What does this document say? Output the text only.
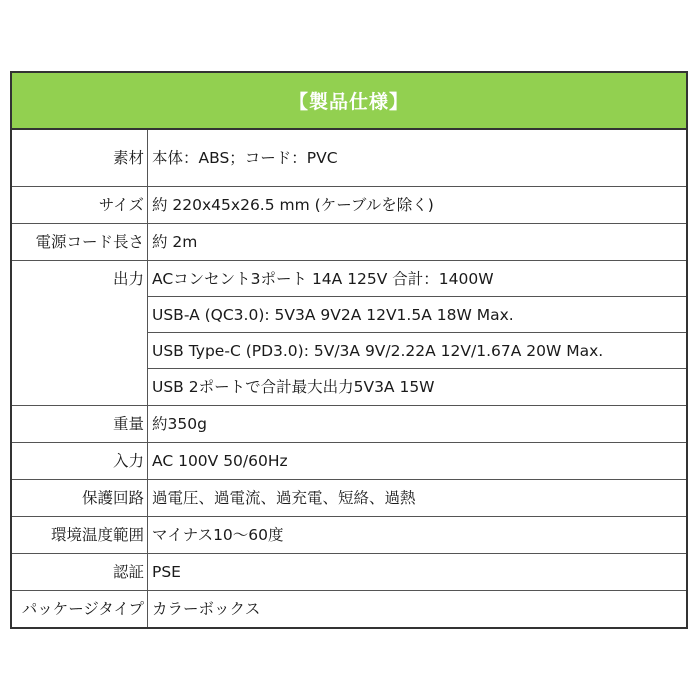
【製品仕様】
素材 本体：ABS；コード：PVC
サイズ 約 220x45x26.5 mm (ケーブルを除く)
電源コード長さ 約 2m
出力 ACコンセント3ポート 14A 125V 合計：1400W
USB-A (QC3.0): 5V3A 9V2A 12V1.5A 18W Max.
USB Type-C (PD3.0): 5V/3A 9V/2.22A 12V/1.67A 20W Max.
USB 2ポートで合計最大出力5V3A 15W
重量 約350g
入力 AC 100V 50/60Hz
保護回路 過電圧、過電流、過充電、短絡、過熱
環境温度範囲 マイナス10～60度
認証 PSE
パッケージタイプ カラーボックス
